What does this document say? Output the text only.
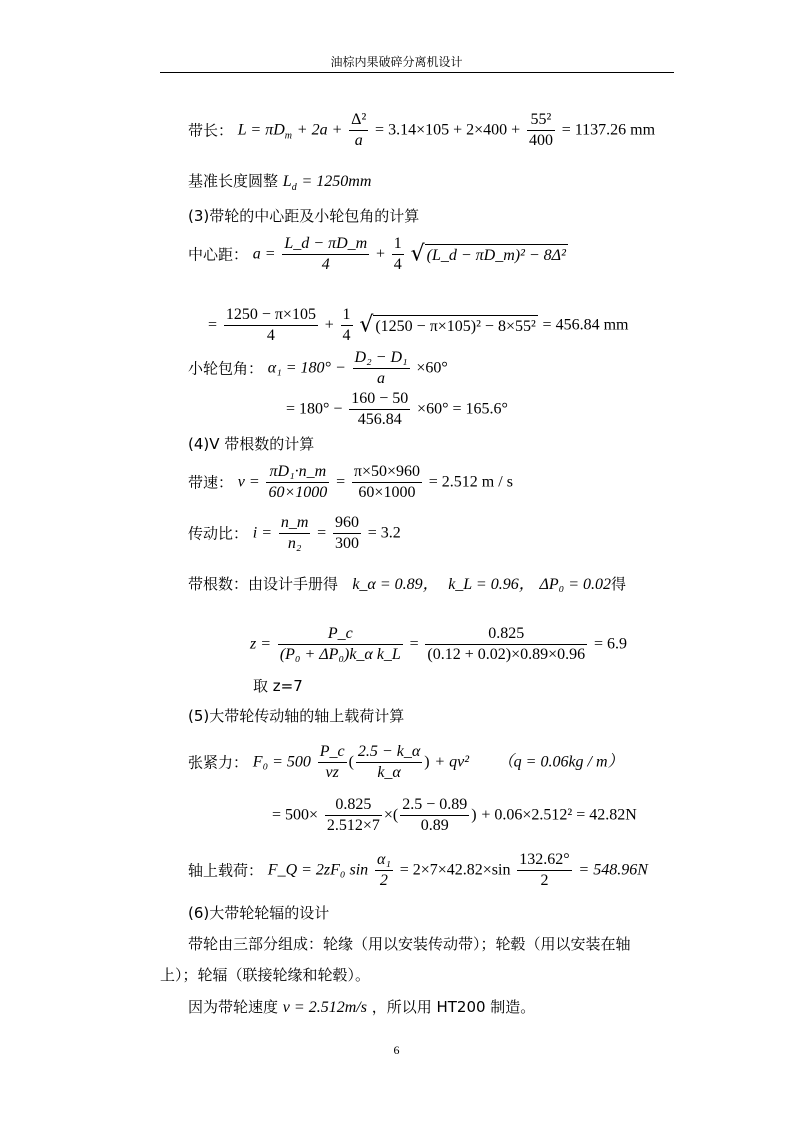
油棕内果破碎分离机设计
带长： $L = \pi D_m + 2a + \frac{\text{Δ²}}{a} = 3.14\times 105 + 2\times 400 + \frac{\text{55²}}{400} = 1137.26$ mm
基准长度圆整 $L_d = 1250mm$
(3)带轮的中心距及小轮包角的计算
中心距： $a = \frac{L\_d - \pi D\_m}{4} + \frac{1}{4}$ √ (L_d − πD_m)² − 8Δ²
= $\frac{1250 - \pi\times 105}{4} + \frac{1}{4}$ √ (1250 − π×105)² − 8×55² = 456.84 mm
小轮包角： $\alpha_1 = 180^\circ - \frac{\text{D₂ − D₁}}{a} \times 60^\circ$
= $180^\circ - \frac{160 - 50}{456.84} \times 60^\circ = 165.6^\circ$
(4)V 带根数的计算
带速： $v = \frac{\text{πD₁·n\_m}}{60\times 1000} = \frac{\pi\times 50\times 960}{60\times 1000} = 2.512$ m / s
传动比： $i = \frac{n\_m}{\text{n₂}} = \frac{960}{300} = 3.2$
带根数：由设计手册得 k_α = 0.89， k_L = 0.96， ΔP₀ = 0.02得
$z = \frac{P\_c}{\text{(P₀ + ΔP₀)k\_α k\_L}} = \frac{0.825}{(0.12 + 0.02)\times 0.89\times 0.96} = 6.9$
取 z=7
(5)大带轮传动轴的轴上载荷计算
张紧力： $F_0 = 500 \frac{P\_c}{vz}$ ( $\frac{2.5 - k\_\alpha}{k\_\alpha}$ ) + qv² （q = 0.06kg / m）
= $500\times \frac{0.825}{2.512\times 7}$ ×( $\frac{2.5 - 0.89}{0.89}$ ) + 0.06×2.512² = 42.82N
轴上载荷： F_Q = 2zF₀ $\sin \frac{\text{α₁}}{2} = 2\times 7\times 42.82\times\sin \frac{132.62^\circ}{2} = 548.96N$
(6)大带轮轮辐的设计
带轮由三部分组成：轮缘（用以安装传动带）；轮毂（用以安装在轴
上）；轮辐（联接轮缘和轮毂）。
因为带轮速度 v = 2.512m/s ，所以用 HT200 制造。
6
